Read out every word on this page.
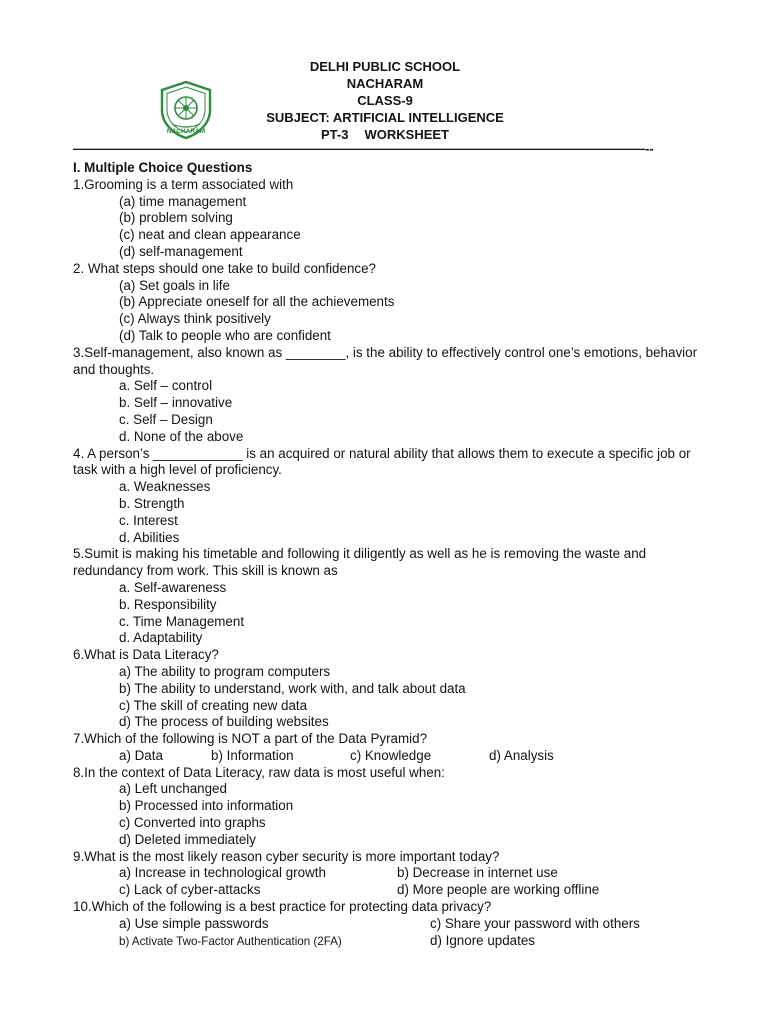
NACHARAM
DELHI PUBLIC SCHOOL
NACHARAM
CLASS-9
SUBJECT: ARTIFICIAL INTELLIGENCE
PT-3 WORKSHEET
————————————————————————————————————————————--
I. Multiple Choice Questions
1.Grooming is a term associated with
(a) time management
(b) problem solving
(c) neat and clean appearance
(d) self-management
2. What steps should one take to build confidence?
(a) Set goals in life
(b) Appreciate oneself for all the achievements
(c) Always think positively
(d) Talk to people who are confident
3.Self-management, also known as ________, is the ability to effectively control one’s emotions, behavior and thoughts.
a. Self – control
b. Self – innovative
c. Self – Design
d. None of the above
4. A person’s ____________ is an acquired or natural ability that allows them to execute a specific job or task with a high level of proficiency.
a. Weaknesses
b. Strength
c. Interest
d. Abilities
5.Sumit is making his timetable and following it diligently as well as he is removing the waste and redundancy from work. This skill is known as
a. Self-awareness
b. Responsibility
c. Time Management
d. Adaptability
6.What is Data Literacy?
a) The ability to program computers
b) The ability to understand, work with, and talk about data
c) The skill of creating new data
d) The process of building websites
7.Which of the following is NOT a part of the Data Pyramid?
a) Data	b) Information	c) Knowledge	d) Analysis
8.In the context of Data Literacy, raw data is most useful when:
a) Left unchanged
b) Processed into information
c) Converted into graphs
d) Deleted immediately
9.What is the most likely reason cyber security is more important today?
a) Increase in technological growth	b) Decrease in internet use
c) Lack of cyber-attacks	d) More people are working offline
10.Which of the following is a best practice for protecting data privacy?
a) Use simple passwords	c) Share your password with others
b) Activate Two-Factor Authentication (2FA)	d) Ignore updates
